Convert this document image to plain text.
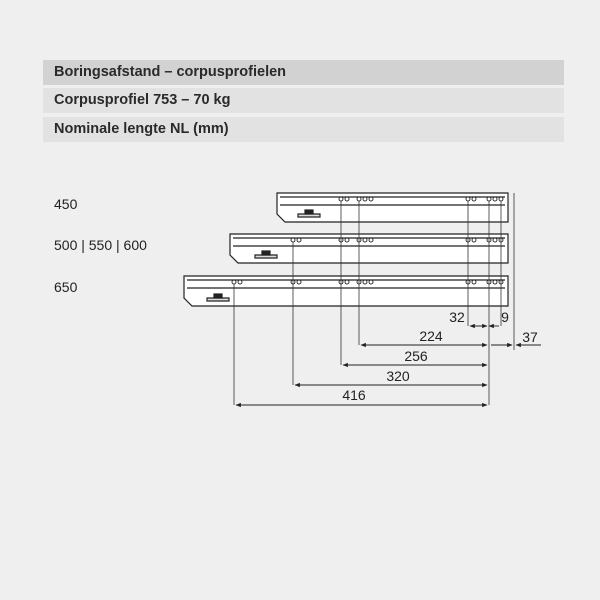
Boringsafstand – corpusprofielen
Corpusprofiel 753 – 70 kg
Nominale lengte NL (mm)
450
500 | 550 | 600
650
32	9
37
224
256
320
416
